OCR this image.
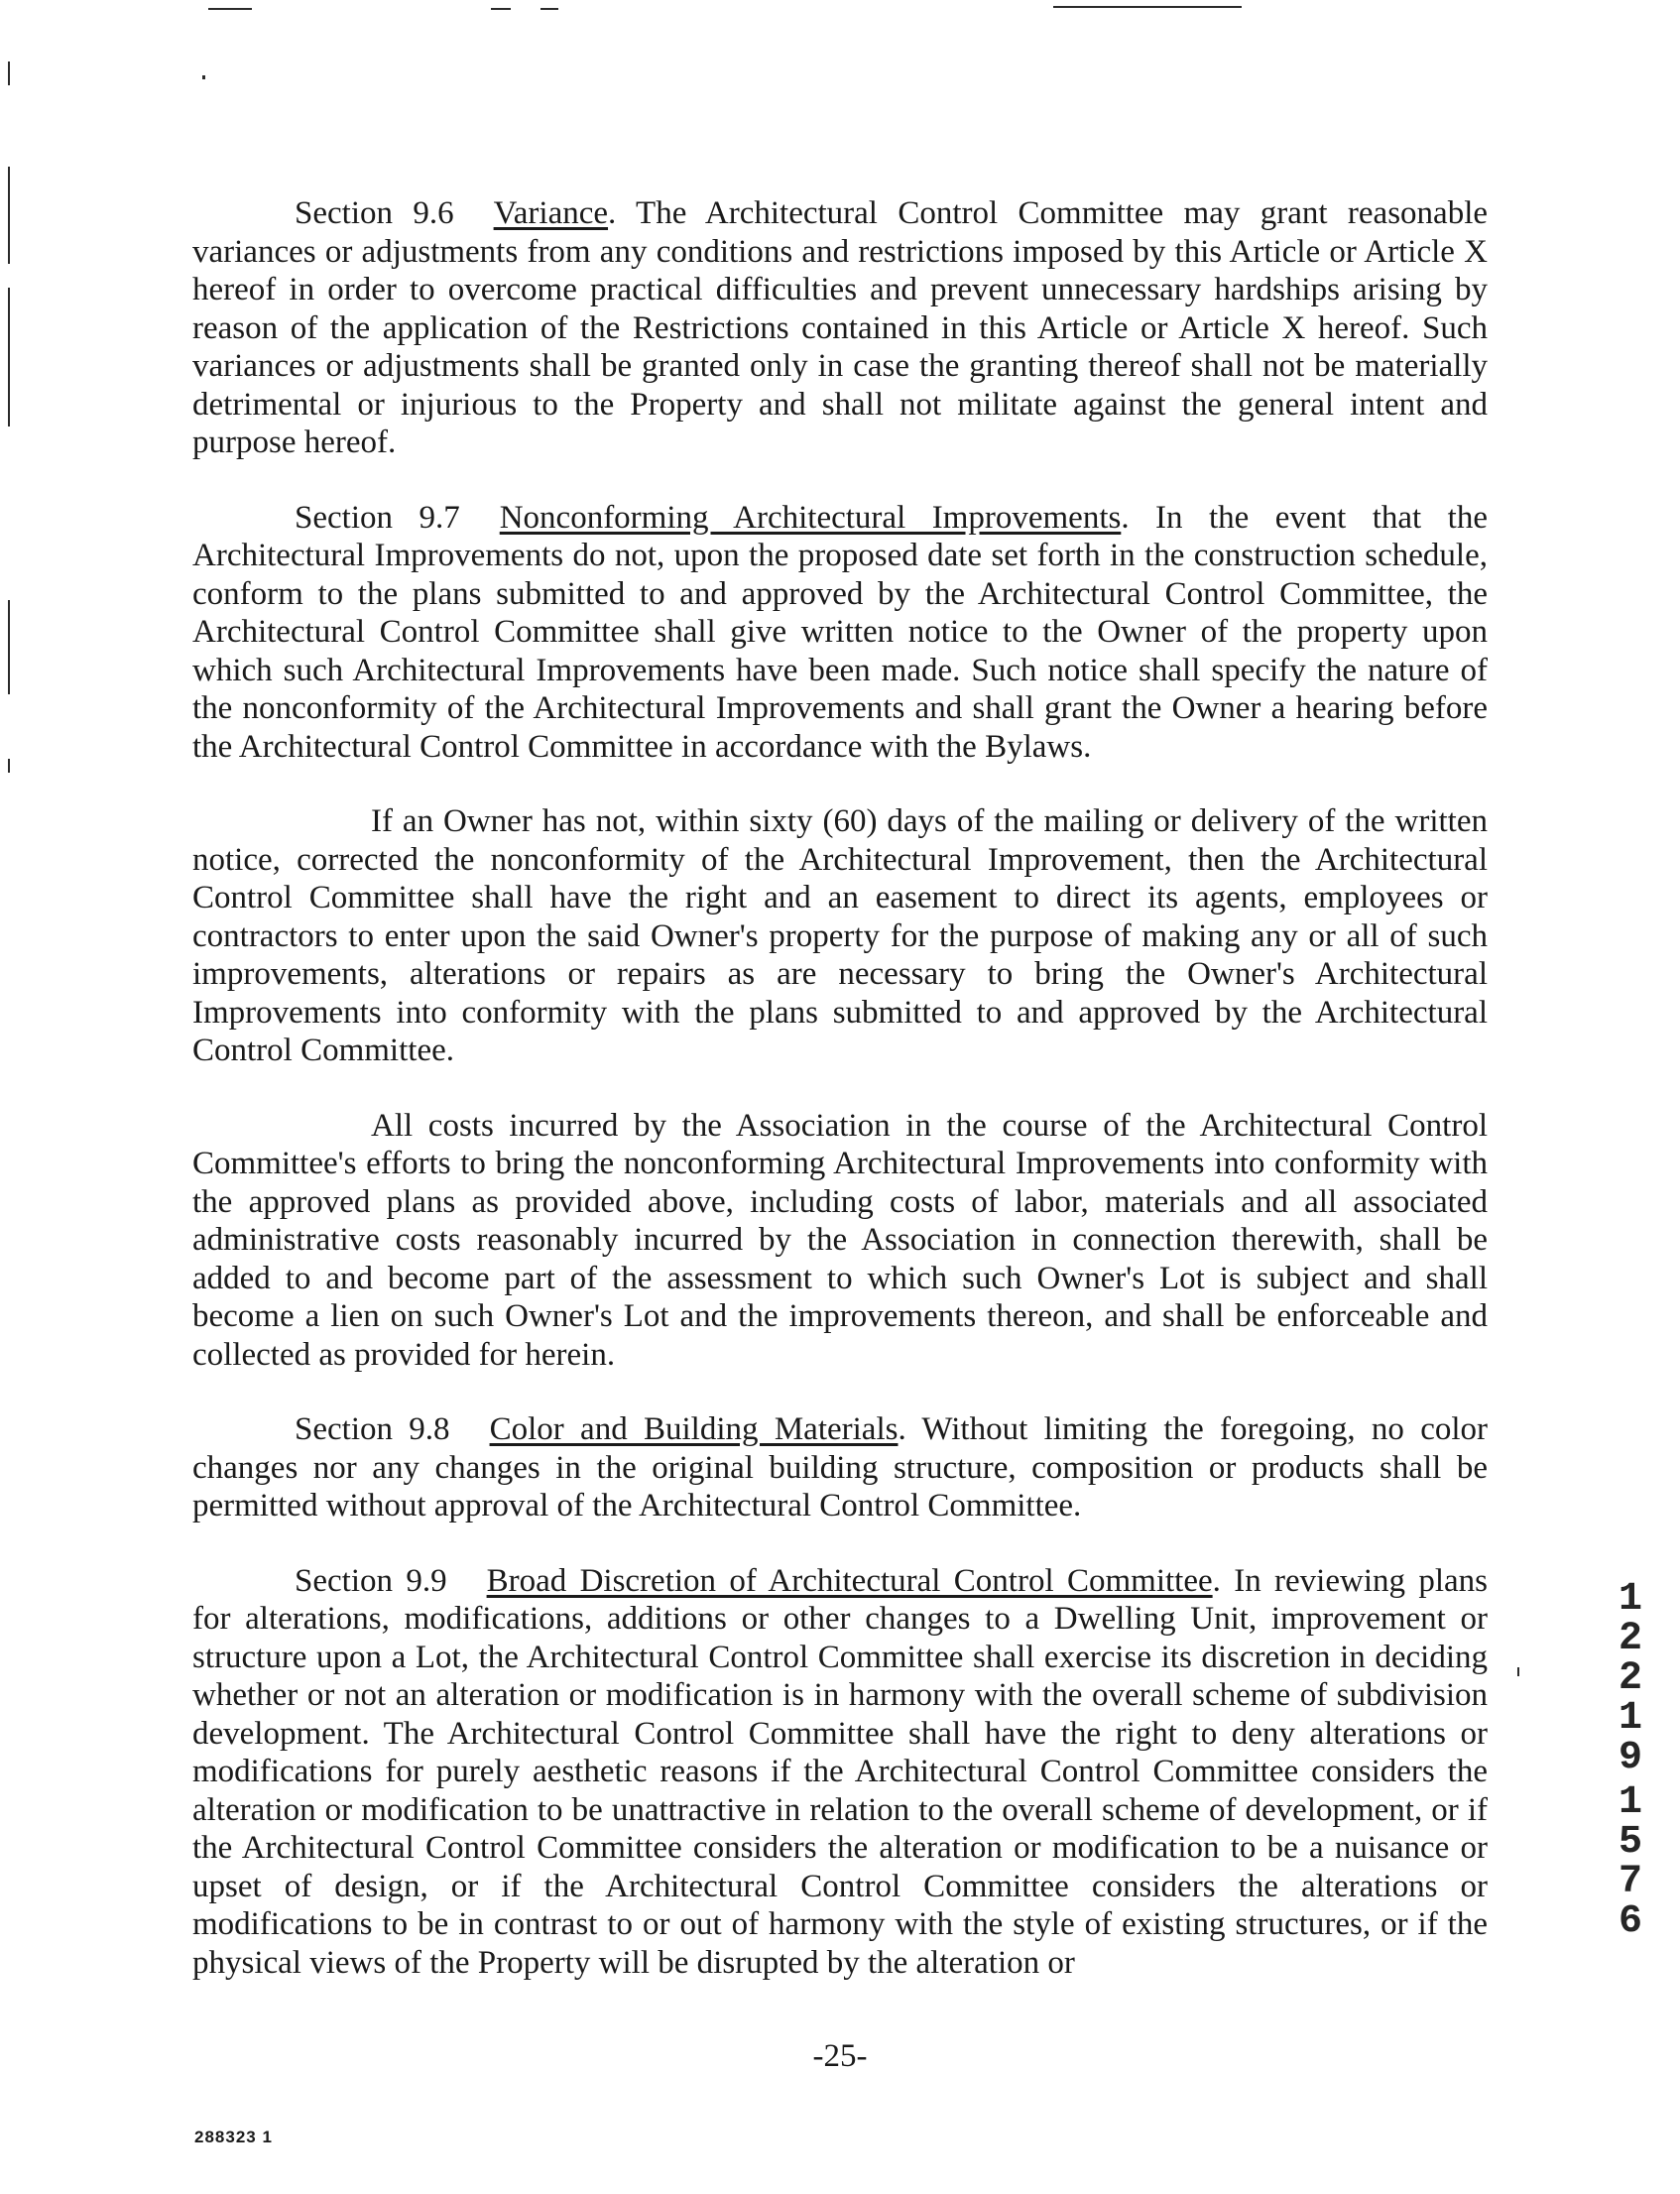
Section 9.6 Variance. The Architectural Control Committee may grant reasonable variances or adjustments from any conditions and restrictions imposed by this Article or Article X hereof in order to overcome practical difficulties and prevent unnecessary hardships arising by reason of the application of the Restrictions contained in this Article or Article X hereof. Such variances or adjustments shall be granted only in case the granting thereof shall not be materially detrimental or injurious to the Property and shall not militate against the general intent and purpose hereof.

Section 9.7 Nonconforming Architectural Improvements. In the event that the Architectural Improvements do not, upon the proposed date set forth in the construction schedule, conform to the plans submitted to and approved by the Architectural Control Committee, the Architectural Control Committee shall give written notice to the Owner of the property upon which such Architectural Improvements have been made. Such notice shall specify the nature of the nonconformity of the Architectural Improvements and shall grant the Owner a hearing before the Architectural Control Committee in accordance with the Bylaws.

If an Owner has not, within sixty (60) days of the mailing or delivery of the written notice, corrected the nonconformity of the Architectural Improvement, then the Architectural Control Committee shall have the right and an easement to direct its agents, employees or contractors to enter upon the said Owner's property for the purpose of making any or all of such improvements, alterations or repairs as are necessary to bring the Owner's Architectural Improvements into conformity with the plans submitted to and approved by the Architectural Control Committee.

All costs incurred by the Association in the course of the Architectural Control Committee's efforts to bring the nonconforming Architectural Improvements into conformity with the approved plans as provided above, including costs of labor, materials and all associated administrative costs reasonably incurred by the Association in connection therewith, shall be added to and become part of the assessment to which such Owner's Lot is subject and shall become a lien on such Owner's Lot and the improvements thereon, and shall be enforceable and collected as provided for herein.

Section 9.8 Color and Building Materials. Without limiting the foregoing, no color changes nor any changes in the original building structure, composition or products shall be permitted without approval of the Architectural Control Committee.

Section 9.9 Broad Discretion of Architectural Control Committee. In reviewing plans for alterations, modifications, additions or other changes to a Dwelling Unit, improvement or structure upon a Lot, the Architectural Control Committee shall exercise its discretion in deciding whether or not an alteration or modification is in harmony with the overall scheme of subdivision development. The Architectural Control Committee shall have the right to deny alterations or modifications for purely aesthetic reasons if the Architectural Control Committee considers the alteration or modification to be unattractive in relation to the overall scheme of development, or if the Architectural Control Committee considers the alteration or modification to be a nuisance or upset of design, or if the Architectural Control Committee considers the alterations or modifications to be in contrast to or out of harmony with the style of existing structures, or if the physical views of the Property will be disrupted by the alteration or

-25-
288323 1
1
2
2
1
9
1
5
7
6
